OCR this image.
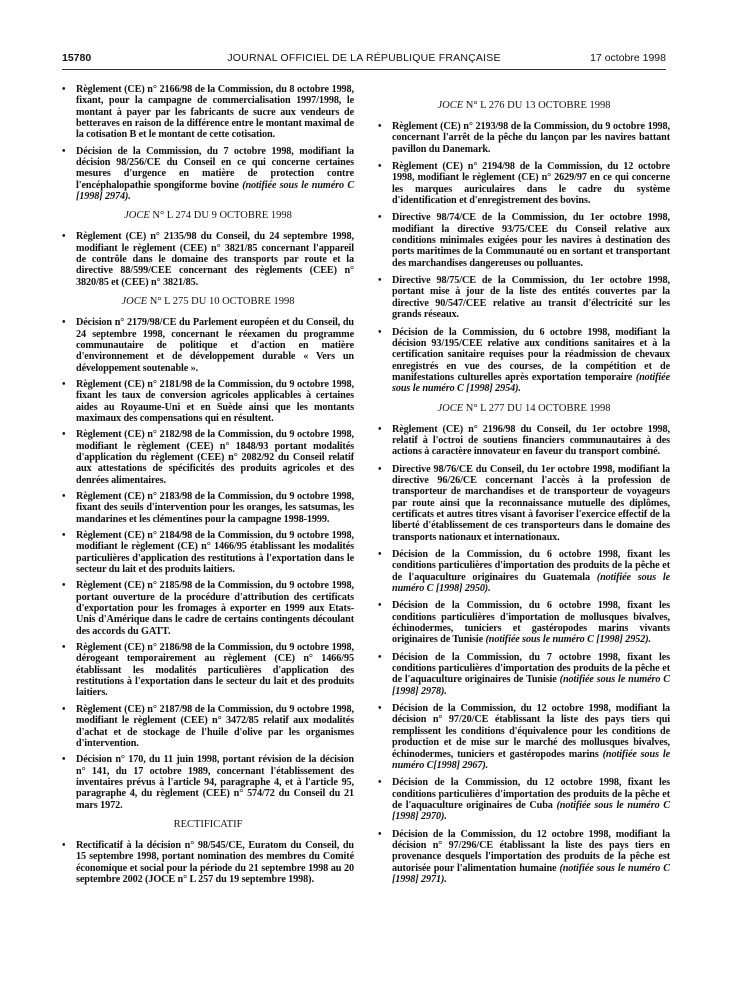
15780	JOURNAL OFFICIEL DE LA RÉPUBLIQUE FRANÇAISE	17 octobre 1998
• Règlement (CE) n° 2166/98 de la Commission, du 8 octobre 1998, fixant, pour la campagne de commercialisation 1997/1998, le montant à payer par les fabricants de sucre aux vendeurs de betteraves en raison de la différence entre le montant maximal de la cotisation B et le montant de cette cotisation.
• Décision de la Commission, du 7 octobre 1998, modifiant la décision 98/256/CE du Conseil en ce qui concerne certaines mesures d'urgence en matière de protection contre l'encéphalopathie spongiforme bovine (notifiée sous le numéro C [1998] 2974).
JOCE N° L 274 DU 9 OCTOBRE 1998
• Règlement (CE) n° 2135/98 du Conseil, du 24 septembre 1998, modifiant le règlement (CEE) n° 3821/85 concernant l'appareil de contrôle dans le domaine des transports par route et la directive 88/599/CEE concernant des règlements (CEE) n° 3820/85 et (CEE) n° 3821/85.
JOCE N° L 275 DU 10 OCTOBRE 1998
• Décision n° 2179/98/CE du Parlement européen et du Conseil, du 24 septembre 1998, concernant le réexamen du programme communautaire de politique et d'action en matière d'environnement et de développement durable « Vers un développement soutenable ».
• Règlement (CE) n° 2181/98 de la Commission, du 9 octobre 1998, fixant les taux de conversion agricoles applicables à certaines aides au Royaume-Uni et en Suède ainsi que les montants maximaux des compensations qui en résultent.
• Règlement (CE) n° 2182/98 de la Commission, du 9 octobre 1998, modifiant le règlement (CEE) n° 1848/93 portant modalités d'application du règlement (CEE) n° 2082/92 du Conseil relatif aux attestations de spécificités des produits agricoles et des denrées alimentaires.
• Règlement (CE) n° 2183/98 de la Commission, du 9 octobre 1998, fixant des seuils d'intervention pour les oranges, les satsumas, les mandarines et les clémentines pour la campagne 1998-1999.
• Règlement (CE) n° 2184/98 de la Commission, du 9 octobre 1998, modifiant le règlement (CE) n° 1466/95 établissant les modalités particulières d'application des restitutions à l'exportation dans le secteur du lait et des produits laitiers.
• Règlement (CE) n° 2185/98 de la Commission, du 9 octobre 1998, portant ouverture de la procédure d'attribution des certificats d'exportation pour les fromages à exporter en 1999 aux Etats-Unis d'Amérique dans le cadre de certains contingents découlant des accords du GATT.
• Règlement (CE) n° 2186/98 de la Commission, du 9 octobre 1998, dérogeant temporairement au règlement (CE) n° 1466/95 établissant les modalités particulières d'application des restitutions à l'exportation dans le secteur du lait et des produits laitiers.
• Règlement (CE) n° 2187/98 de la Commission, du 9 octobre 1998, modifiant le règlement (CEE) n° 3472/85 relatif aux modalités d'achat et de stockage de l'huile d'olive par les organismes d'intervention.
• Décision n° 170, du 11 juin 1998, portant révision de la décision n° 141, du 17 octobre 1989, concernant l'établissement des inventaires prévus à l'article 94, paragraphe 4, et à l'article 95, paragraphe 4, du règlement (CEE) n° 574/72 du Conseil du 21 mars 1972.
RECTIFICATIF
• Rectificatif à la décision n° 98/545/CE, Euratom du Conseil, du 15 septembre 1998, portant nomination des membres du Comité économique et social pour la période du 21 septembre 1998 au 20 septembre 2002 (JOCE n° L 257 du 19 septembre 1998).
JOCE N° L 276 DU 13 OCTOBRE 1998
• Règlement (CE) n° 2193/98 de la Commission, du 9 octobre 1998, concernant l'arrêt de la pêche du lançon par les navires battant pavillon du Danemark.
• Règlement (CE) n° 2194/98 de la Commission, du 12 octobre 1998, modifiant le règlement (CE) n° 2629/97 en ce qui concerne les marques auriculaires dans le cadre du système d'identification et d'enregistrement des bovins.
• Directive 98/74/CE de la Commission, du 1er octobre 1998, modifiant la directive 93/75/CEE du Conseil relative aux conditions minimales exigées pour les navires à destination des ports maritimes de la Communauté ou en sortant et transportant des marchandises dangereuses ou polluantes.
• Directive 98/75/CE de la Commission, du 1er octobre 1998, portant mise à jour de la liste des entités couvertes par la directive 90/547/CEE relative au transit d'électricité sur les grands réseaux.
• Décision de la Commission, du 6 octobre 1998, modifiant la décision 93/195/CEE relative aux conditions sanitaires et à la certification sanitaire requises pour la réadmission de chevaux enregistrés en vue des courses, de la compétition et de manifestations culturelles après exportation temporaire (notifiée sous le numéro C [1998] 2954).
JOCE N° L 277 DU 14 OCTOBRE 1998
• Règlement (CE) n° 2196/98 du Conseil, du 1er octobre 1998, relatif à l'octroi de soutiens financiers communautaires à des actions à caractère innovateur en faveur du transport combiné.
• Directive 98/76/CE du Conseil, du 1er octobre 1998, modifiant la directive 96/26/CE concernant l'accès à la profession de transporteur de marchandises et de transporteur de voyageurs par route ainsi que la reconnaissance mutuelle des diplômes, certificats et autres titres visant à favoriser l'exercice effectif de la liberté d'établissement de ces transporteurs dans le domaine des transports nationaux et internationaux.
• Décision de la Commission, du 6 octobre 1998, fixant les conditions particulières d'importation des produits de la pêche et de l'aquaculture originaires du Guatemala (notifiée sous le numéro C [1998] 2950).
• Décision de la Commission, du 6 octobre 1998, fixant les conditions particulières d'importation de mollusques bivalves, échinodermes, tuniciers et gastéropodes marins vivants originaires de Tunisie (notifiée sous le numéro C [1998] 2952).
• Décision de la Commission, du 7 octobre 1998, fixant les conditions particulières d'importation des produits de la pêche et de l'aquaculture originaires de Tunisie (notifiée sous le numéro C [1998] 2978).
• Décision de la Commission, du 12 octobre 1998, modifiant la décision n° 97/20/CE établissant la liste des pays tiers qui remplissent les conditions d'équivalence pour les conditions de production et de mise sur le marché des mollusques bivalves, échinodermes, tuniciers et gastéropodes marins (notifiée sous le numéro C[1998] 2967).
• Décision de la Commission, du 12 octobre 1998, fixant les conditions particulières d'importation des produits de la pêche et de l'aquaculture originaires de Cuba (notifiée sous le numéro C [1998] 2970).
• Décision de la Commission, du 12 octobre 1998, modifiant la décision n° 97/296/CE établissant la liste des pays tiers en provenance desquels l'importation des produits de la pêche est autorisée pour l'alimentation humaine (notifiée sous le numéro C [1998] 2971).
